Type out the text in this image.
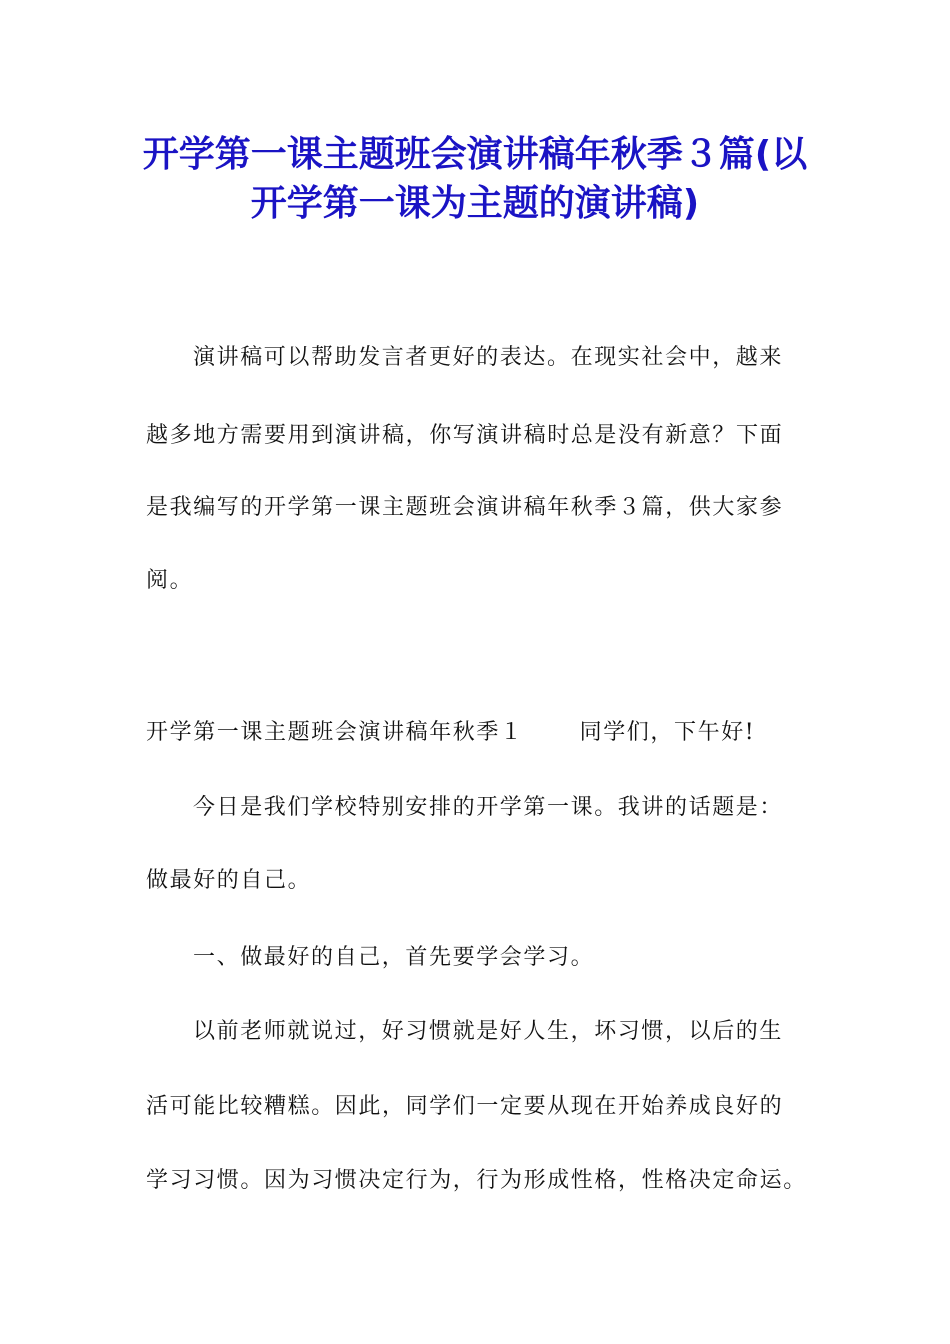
开学第一课主题班会演讲稿年秋季３篇(以
开学第一课为主题的演讲稿)
演讲稿可以帮助发言者更好的表达。在现实社会中，越来
越多地方需要用到演讲稿，你写演讲稿时总是没有新意？下面
是我编写的开学第一课主题班会演讲稿年秋季３篇，供大家参
阅。
开学第一课主题班会演讲稿年秋季１	同学们，下午好!
今日是我们学校特别安排的开学第一课。我讲的话题是：
做最好的自己。
一、做最好的自己，首先要学会学习。
以前老师就说过，好习惯就是好人生，坏习惯，以后的生
活可能比较糟糕。因此，同学们一定要从现在开始养成良好的
学习习惯。因为习惯决定行为，行为形成性格，性格决定命运。
